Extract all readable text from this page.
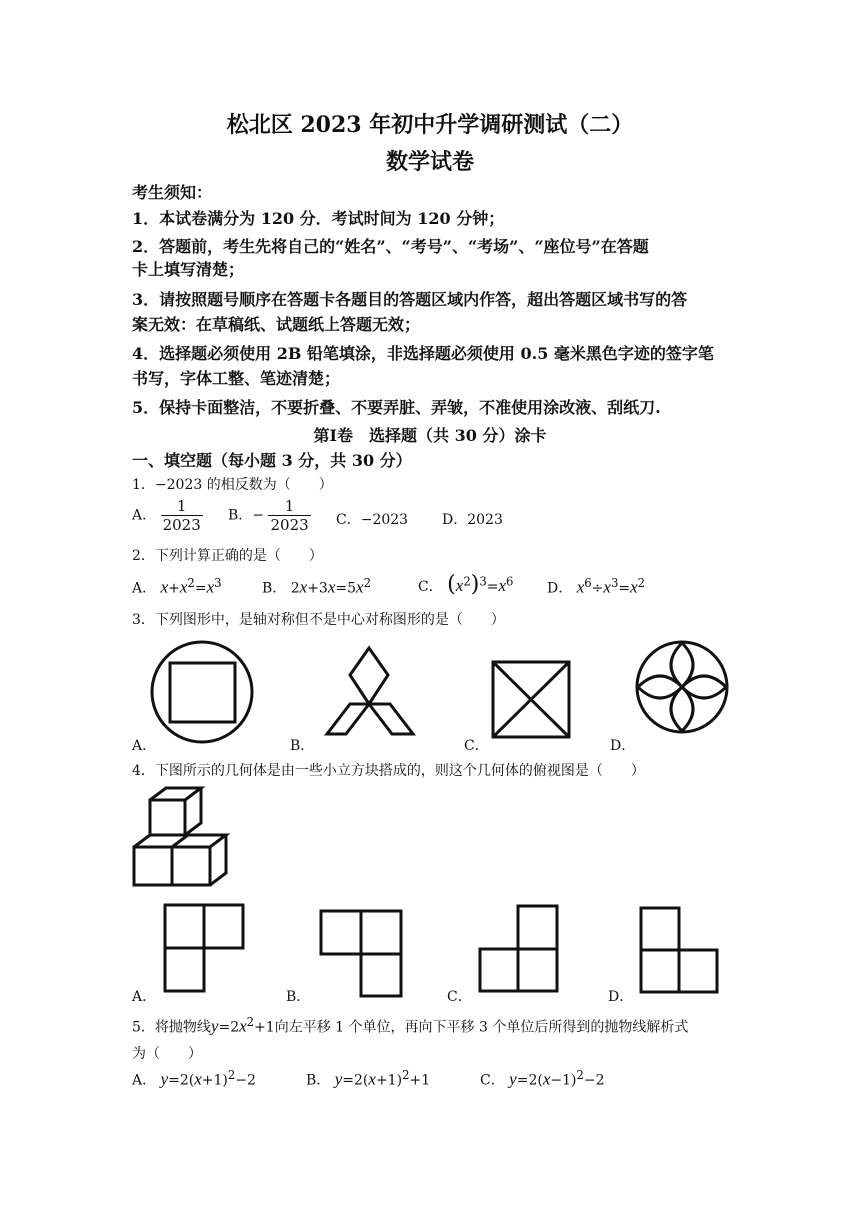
松北区 2023 年初中升学调研测试（二）
数学试卷
考生须知：
1．本试卷满分为 120 分．考试时间为 120 分钟；
2．答题前，考生先将自己的“姓名”、“考号”、“考场”、“座位号”在答题
卡上填写清楚；
3．请按照题号顺序在答题卡各题目的答题区域内作答，超出答题区域书写的答
案无效：在草稿纸、试题纸上答题无效；
4．选择题必须使用 2B 铅笔填涂，非选择题必须使用 0.5 毫米黑色字迹的签字笔
书写，字体工整、笔迹清楚；
5．保持卡面整洁，不要折叠、不要弄脏、弄皱，不准使用涂改液、刮纸刀.
第Ⅰ卷　选择题（共 30 分）涂卡
一、填空题（每小题 3 分，共 30 分）
1．−2023 的相反数为（　　）
A． $\frac{1}{2023}$ B．− $\frac{1}{2023}$ C．−2023 D．2023
2．下列计算正确的是（　　）
A． $x+x^2=x^3$	B． $2x+3x=5x^2$	C． $(x^2)^3=x^6$ D． $x^6\div x^3=x^2$
3．下列图形中，是轴对称但不是中心对称图形的是（　　）
A．	B．	C．	D．
4．下图所示的几何体是由一些小立方块搭成的，则这个几何体的俯视图是（　　）
A．	B．	C．	D．
5．将抛物线$y=2x^2+1$向左平移 1 个单位，再向下平移 3 个单位后所得到的抛物线解析式
为（　　）
A． $y=2(x+1)^2-2$	B． $y=2(x+1)^2+1$	C． $y=2(x-1)^2-2$
